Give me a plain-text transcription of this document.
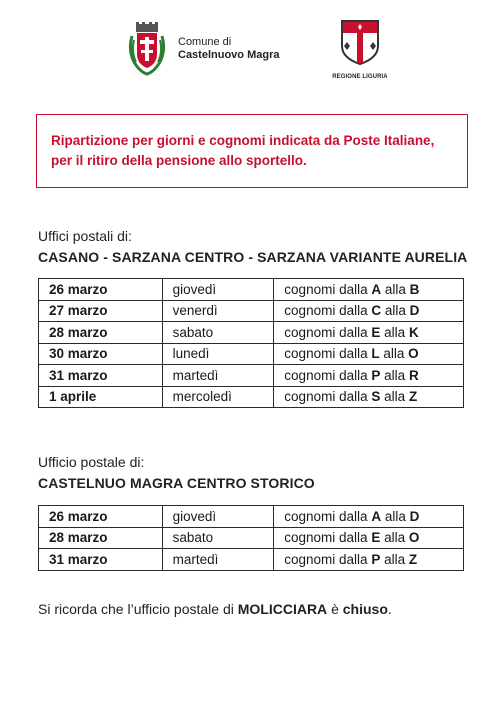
Comune di
Castelnuovo Magra
REGIONE LIGURIA

Ripartizione per giorni e cognomi indicata da Poste Italiane,
per il ritiro della pensione allo sportello.

Uffici postali di:
CASANO - SARZANA CENTRO - SARZANA VARIANTE AURELIA
26 marzo	giovedì	cognomi dalla A alla B
27 marzo	venerdì	cognomi dalla C alla D
28 marzo	sabato	cognomi dalla E alla K
30 marzo	lunedì	cognomi dalla L alla O
31 marzo	martedì	cognomi dalla P alla R
1 aprile	mercoledì	cognomi dalla S alla Z
Ufficio postale di:
CASTELNUO MAGRA CENTRO STORICO
26 marzo	giovedì	cognomi dalla A alla D
28 marzo	sabato	cognomi dalla E alla O
31 marzo	martedì	cognomi dalla P alla Z
Si ricorda che l’ufficio postale di MOLICCIARA è chiuso.
